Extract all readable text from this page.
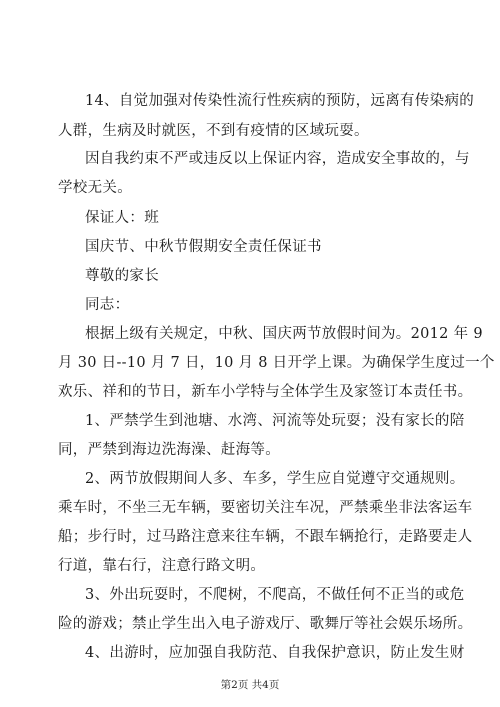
14、自觉加强对传染性流行性疾病的预防，远离有传染病的
人群，生病及时就医，不到有疫情的区域玩耍。
因自我约束不严或违反以上保证内容，造成安全事故的，与
学校无关。
保证人：班
国庆节、中秋节假期安全责任保证书
尊敬的家长
同志：
根据上级有关规定，中秋、国庆两节放假时间为。2012 年 9
月 30 日--10 月 7 日，10 月 8 日开学上课。为确保学生度过一个
欢乐、祥和的节日，新车小学特与全体学生及家签订本责任书。
1、严禁学生到池塘、水湾、河流等处玩耍；没有家长的陪
同，严禁到海边洗海澡、赶海等。
2、两节放假期间人多、车多，学生应自觉遵守交通规则。
乘车时，不坐三无车辆，要密切关注车况，严禁乘坐非法客运车
船；步行时，过马路注意来往车辆，不跟车辆抢行，走路要走人
行道，靠右行，注意行路文明。
3、外出玩耍时，不爬树，不爬高，不做任何不正当的或危
险的游戏；禁止学生出入电子游戏厅、歌舞厅等社会娱乐场所。
4、出游时，应加强自我防范、自我保护意识，防止发生财
第2页 共4页
